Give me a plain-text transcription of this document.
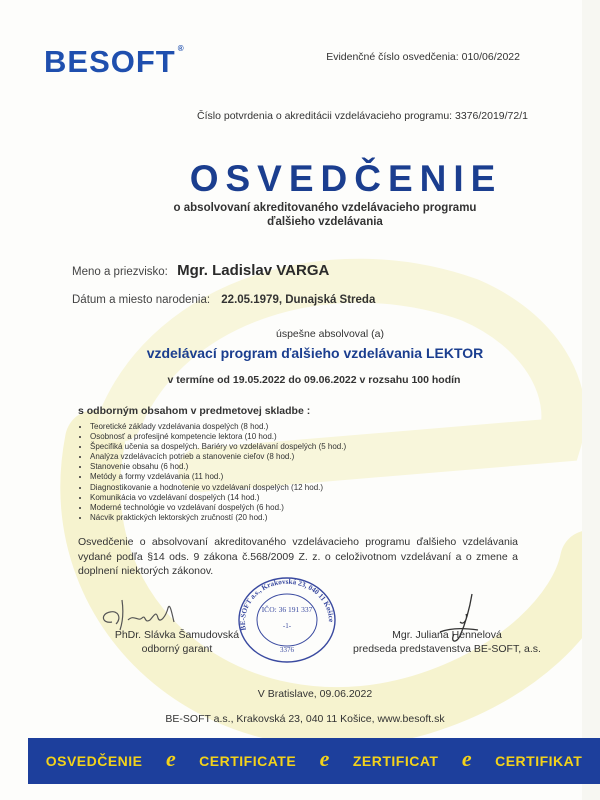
BESOFT ®
Evidenčné číslo osvedčenia: 010/06/2022
Číslo potvrdenia o akreditácii vzdelávacieho programu: 3376/2019/72/1
OSVEDČENIE
o absolvovaní akreditovaného vzdelávacieho programu
ďalšieho vzdelávania
Meno a priezvisko: Mgr. Ladislav VARGA
Dátum a miesto narodenia: 22.05.1979, Dunajská Streda
úspešne absolvoval (a)
vzdelávací program ďalšieho vzdelávania LEKTOR
v termíne od 19.05.2022 do 09.06.2022 v rozsahu 100 hodín
s odborným obsahom v predmetovej skladbe :
• Teoretické základy vzdelávania dospelých (8 hod.)
• Osobnosť a profesijné kompetencie lektora (10 hod.)
• Špecifiká učenia sa dospelých. Bariéry vo vzdelávaní dospelých (5 hod.)
• Analýza vzdelávacích potrieb a stanovenie cieľov (8 hod.)
• Stanovenie obsahu (6 hod.)
• Metódy a formy vzdelávania (11 hod.)
• Diagnostikovanie a hodnotenie vo vzdelávaní dospelých (12 hod.)
• Komunikácia vo vzdelávaní dospelých (14 hod.)
• Moderné technológie vo vzdelávaní dospelých (6 hod.)
• Nácvik praktických lektorských zručností (20 hod.)
Osvedčenie o absolvovaní akreditovaného vzdelávacieho programu ďalšieho vzdelávania vydané podľa §14 ods. 9 zákona č.568/2009 Z. z. o celoživotnom vzdelávaní a o zmene a doplnení niektorých zákonov.
BE-SOFT a.s., Krakovská 23, 040 11 Košice
IČO: 36 191 337
-1-
3376
PhDr. Slávka Šamudovská
odborný garant
Mgr. Juliana Hennelová
predseda predstavenstva BE-SOFT, a.s.
V Bratislave, 09.06.2022
BE-SOFT a.s., Krakovská 23, 040 11 Košice, www.besoft.sk
OSVEDČENIE e CERTIFICATE e ZERTIFICAT e CERTIFIKAT
